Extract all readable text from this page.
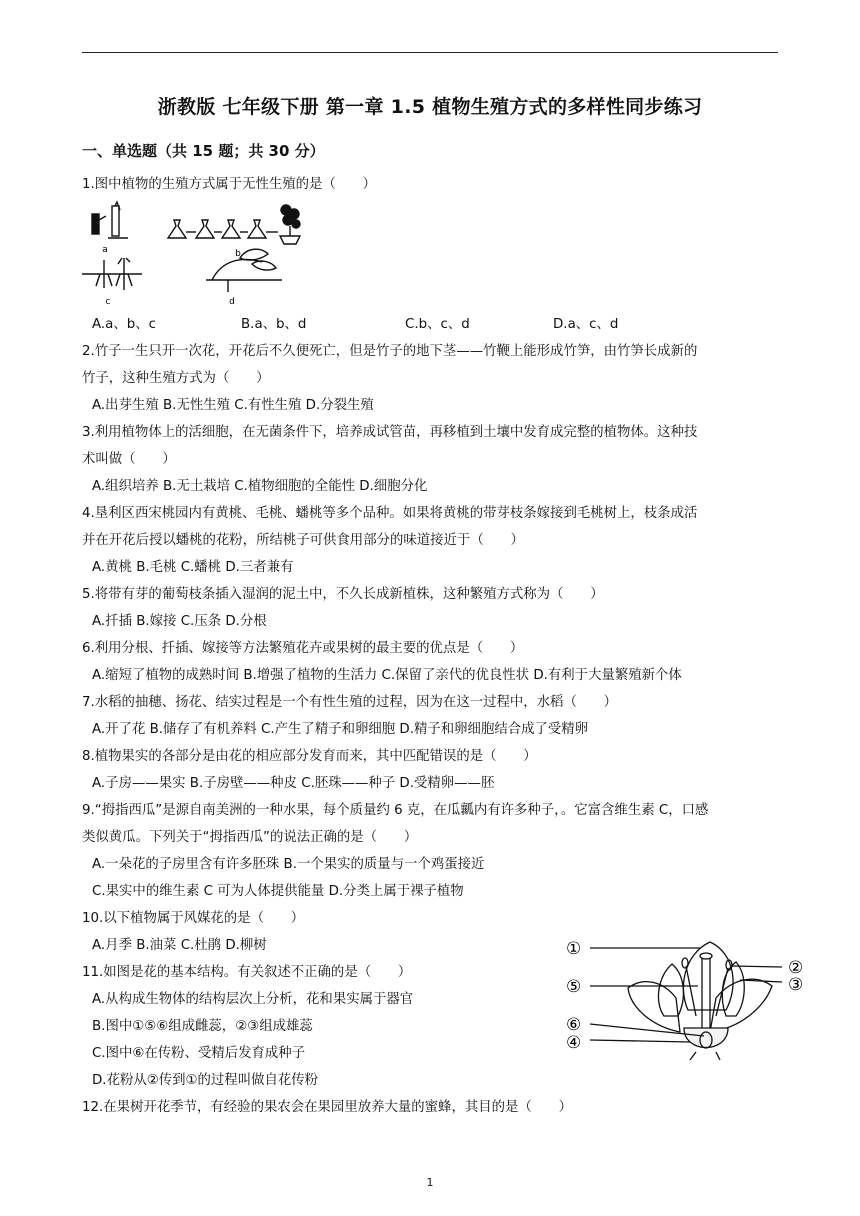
浙教版 七年级下册 第一章 1.5 植物生殖方式的多样性同步练习
一、单选题（共 15 题；共 30 分）
1.图中植物的生殖方式属于无性生殖的是（　　）
a	b
c	d
A.a、b、c	B.a、b、d	C.b、c、d	D.a、c、d
2.竹子一生只开一次花，开花后不久便死亡，但是竹子的地下茎——竹鞭上能形成竹笋，由竹笋长成新的
竹子，这种生殖方式为（　　）
A.出芽生殖 B.无性生殖 C.有性生殖 D.分裂生殖
3.利用植物体上的活细胞，在无菌条件下，培养成试管苗，再移植到土壤中发育成完整的植物体。这种技
术叫做（　　）
A.组织培养 B.无土栽培 C.植物细胞的全能性 D.细胞分化
4.垦利区西宋桃园内有黄桃、毛桃、蟠桃等多个品种。如果将黄桃的带芽枝条嫁接到毛桃树上，枝条成活
并在开花后授以蟠桃的花粉，所结桃子可供食用部分的味道接近于（　　）
A.黄桃 B.毛桃 C.蟠桃 D.三者兼有
5.将带有芽的葡萄枝条插入湿润的泥土中，不久长成新植株，这种繁殖方式称为（　　）
A.扦插 B.嫁接 C.压条 D.分根
6.利用分根、扦插、嫁接等方法繁殖花卉或果树的最主要的优点是（　　）
A.缩短了植物的成熟时间 B.增强了植物的生活力 C.保留了亲代的优良性状 D.有利于大量繁殖新个体
7.水稻的抽穗、扬花、结实过程是一个有性生殖的过程，因为在这一过程中，水稻（　　）
A.开了花 B.储存了有机养料 C.产生了精子和卵细胞 D.精子和卵细胞结合成了受精卵
8.植物果实的各部分是由花的相应部分发育而来，其中匹配错误的是（　　）
A.子房——果实 B.子房壁——种皮 C.胚珠——种子 D.受精卵——胚
9.“拇指西瓜”是源自南美洲的一种水果，每个质量约 6 克，在瓜瓤内有许多种子，。它富含维生素 C，口感
类似黄瓜。下列关于“拇指西瓜”的说法正确的是（　　）
A.一朵花的子房里含有许多胚珠 B.一个果实的质量与一个鸡蛋接近
C.果实中的维生素 C 可为人体提供能量 D.分类上属于裸子植物
10.以下植物属于风媒花的是（　　）
A.月季 B.油菜 C.杜鹃 D.柳树
11.如图是花的基本结构。有关叙述不正确的是（　　）
A.从构成生物体的结构层次上分析，花和果实属于器官
B.图中①⑤⑥组成雌蕊，②③组成雄蕊
C.图中⑥在传粉、受精后发育成种子
D.花粉从②传到①的过程叫做自花传粉
①
②
③
⑤
⑥
④
12.在果树开花季节，有经验的果农会在果园里放养大量的蜜蜂，其目的是（　　）
1
